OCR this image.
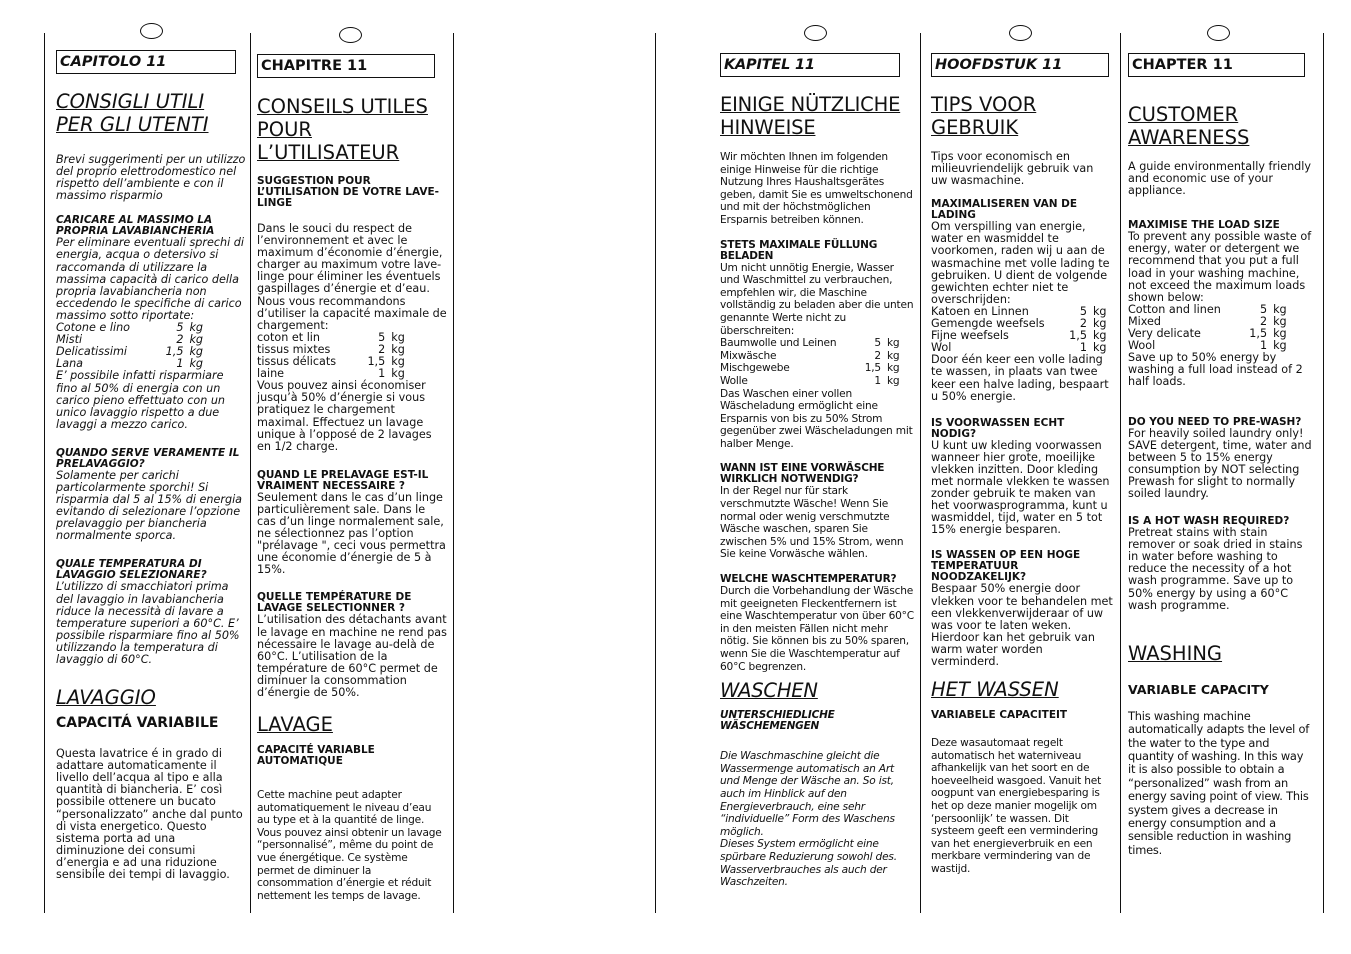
CAPITOLO 11
CONSIGLI UTILI
PER GLI UTENTI

Brevi suggerimenti per un utilizzo del proprio elettrodomestico nel rispetto dell’ambiente e con il massimo risparmio

CARICARE AL MASSIMO LA PROPRIA LAVABIANCHERIA
Per eliminare eventuali sprechi di energia, acqua o detersivo si raccomanda di utilizzare la massima capacità di carico della propria lavabiancheria non eccedendo le specifiche di carico massimo sotto riportate:
Cotone e lino	5	kg
Misti	2	kg
Delicatissimi	1,5	kg
Lana	1	kg

E’ possibile infatti risparmiare fino al 50% di energia con un carico pieno effettuato con un unico lavaggio rispetto a due lavaggi a mezzo carico.

QUANDO SERVE VERAMENTE IL PRELAVAGGIO?

Solamente per carichi particolarmente sporchi! Si risparmia dal 5 al 15% di energia evitando di selezionare l’opzione prelavaggio per biancheria normalmente sporca.

QUALE TEMPERATURA DI LAVAGGIO SELEZIONARE?

L’utilizzo di smacchiatori prima del lavaggio in lavabiancheria riduce la necessità di lavare a temperature superiori a 60°C. E’ possibile risparmiare fino al 50% utilizzando la temperatura di lavaggio di 60°C.

LAVAGGIO
CAPACITÁ VARIABILE

Questa lavatrice é in grado di adattare automaticamente il livello dell’acqua al tipo e alla quantità di biancheria. E’ così possibile ottenere un bucato “personalizzato” anche dal punto di vista energetico. Questo sistema porta ad una diminuzione dei consumi d’energia e ad una riduzione sensibile dei tempi di lavaggio.

CHAPITRE 11
CONSEILS UTILES
POUR L’UTILISATEUR

SUGGESTION POUR L’UTILISATION DE VOTRE LAVE-LINGE

Dans le souci du respect de l’environnement et avec le maximum d’économie d’énergie, charger au maximum votre lave-linge pour éliminer les éventuels gaspillages d’énergie et d’eau. Nous vous recommandons d’utiliser la capacité maximale de chargement:
coton et lin	5	kg
tissus mixtes	2	kg
tissus délicats	1,5	kg
laine	1	kg

Vous pouvez ainsi économiser jusqu’à 50% d’énergie si vous pratiquez le chargement maximal. Effectuez un lavage unique à l’opposé de 2 lavages en 1/2 charge.

QUAND LE PRELAVAGE EST-IL VRAIMENT NECESSAIRE ?

Seulement dans le cas d’un linge particulièrement sale. Dans le cas d’un linge normalement sale, ne sélectionnez pas l’option "prélavage ", ceci vous permettra une économie d’énergie de 5 à 15%.

QUELLE TEMPÉRATURE DE LAVAGE SELECTIONNER ?

L’utilisation des détachants avant le lavage en machine ne rend pas nécessaire le lavage au-delà de 60°C. L’utilisation de la température de 60°C permet de diminuer la consommation d’énergie de 50%.

LAVAGE

CAPACITÉ VARIABLE AUTOMATIQUE

Cette machine peut adapter automatiquement le niveau d’eau au type et à la quantité de linge. Vous pouvez ainsi obtenir un lavage “personnalisé”, même du point de vue énergétique. Ce système permet de diminuer la consommation d’énergie et réduit nettement les temps de lavage.

KAPITEL 11
EINIGE NÜTZLICHE
HINWEISE

Wir möchten Ihnen im folgenden einige Hinweise für die richtige Nutzung Ihres Haushaltsgerätes geben, damit Sie es umweltschonend und mit der höchstmöglichen Ersparnis betreiben können.

STETS MAXIMALE FÜLLUNG BELADEN
Um nicht unnötig Energie, Wasser und Waschmittel zu verbrauchen, empfehlen wir, die Maschine vollständig zu beladen aber die unten genannte Werte nicht zu überschreiten:
Baumwolle und Leinen	5	kg
Mixwäsche	2	kg
Mischgewebe	1,5	kg
Wolle	1	kg

Das Waschen einer vollen Wäscheladung ermöglicht eine Ersparnis von bis zu 50% Strom gegenüber zwei Wäscheladungen mit halber Menge.

WANN IST EINE VORWÄSCHE WIRKLICH NOTWENDIG?

In der Regel nur für stark verschmutzte Wäsche! Wenn Sie normal oder wenig verschmutzte Wäsche waschen, sparen Sie zwischen 5% und 15% Strom, wenn Sie keine Vorwäsche wählen.

WELCHE WASCHTEMPERATUR?

Durch die Vorbehandlung der Wäsche mit geeigneten Fleckentfernern ist eine Waschtemperatur von über 60°C in den meisten Fällen nicht mehr nötig. Sie können bis zu 50% sparen, wenn Sie die Waschtemperatur auf 60°C begrenzen.

WASCHEN

UNTERSCHIEDLICHE WÄSCHEMENGEN

Die Waschmaschine gleicht die Wassermenge automatisch an Art und Menge der Wäsche an. So ist, auch im Hinblick auf den Energieverbrauch, eine sehr “individuelle” Form des Waschens möglich.
Dieses System ermöglicht eine spürbare Reduzierung sowohl des. Wasserverbrauches als auch der Waschzeiten.
HOOFDSTUK 11
TIPS VOOR
GEBRUIK

Tips voor economisch en milieuvriendelijk gebruik van uw wasmachine.

MAXIMALISEREN VAN DE LADING
Om verspilling van energie, water en wasmiddel te voorkomen, raden wij u aan de wasmachine met volle lading te gebruiken. U dient de volgende gewichten echter niet te overschrijden:
Katoen en Linnen	5	kg
Gemengde weefsels	2	kg
Fijne weefsels	1,5	kg
Wol	1	kg

Door één keer een volle lading te wassen, in plaats van twee keer een halve lading, bespaart u 50% energie.

IS VOORWASSEN ECHT NODIG?

U kunt uw kleding voorwassen wanneer hier grote, moeilijke vlekken inzitten. Door kleding met normale vlekken te wassen zonder gebruik te maken van het voorwasprogramma, kunt u wasmiddel, tijd, water en 5 tot 15% energie besparen.

IS WASSEN OP EEN HOGE TEMPERATUUR NOODZAKELIJK?

Bespaar 50% energie door vlekken voor te behandelen met een vlekkenverwijderaar of uw was voor te laten weken. Hierdoor kan het gebruik van warm water worden verminderd.

HET WASSEN

VARIABELE CAPACITEIT

Deze wasautomaat regelt automatisch het waterniveau afhankelijk van het soort en de hoeveelheid wasgoed. Vanuit het oogpunt van energiebesparing is het op deze manier mogelijk om ‘persoonlijk’ te wassen. Dit systeem geeft een vermindering van het energieverbruik en een merkbare vermindering van de wastijd.

CHAPTER 11
CUSTOMER
AWARENESS

A guide environmentally friendly and economic use of your appliance.

MAXIMISE THE LOAD SIZE
To prevent any possible waste of energy, water or detergent we recommend that you put a full load in your washing machine, not exceed the maximum loads shown below:
Cotton and linen	5	kg
Mixed	2	kg
Very delicate	1,5	kg
Wool	1	kg

Save up to 50% energy by washing a full load instead of 2 half loads.

DO YOU NEED TO PRE-WASH?

For heavily soiled laundry only! SAVE detergent, time, water and between 5 to 15% energy consumption by NOT selecting Prewash for slight to normally soiled laundry.

IS A HOT WASH REQUIRED?

Pretreat stains with stain remover or soak dried in stains in water before washing to reduce the necessity of a hot wash programme. Save up to 50% energy by using a 60°C wash programme.

WASHING
VARIABLE CAPACITY

This washing machine automatically adapts the level of the water to the type and quantity of washing. In this way it is also possible to obtain a “personalized” wash from an energy saving point of view. This system gives a decrease in energy consumption and a sensible reduction in washing times.
